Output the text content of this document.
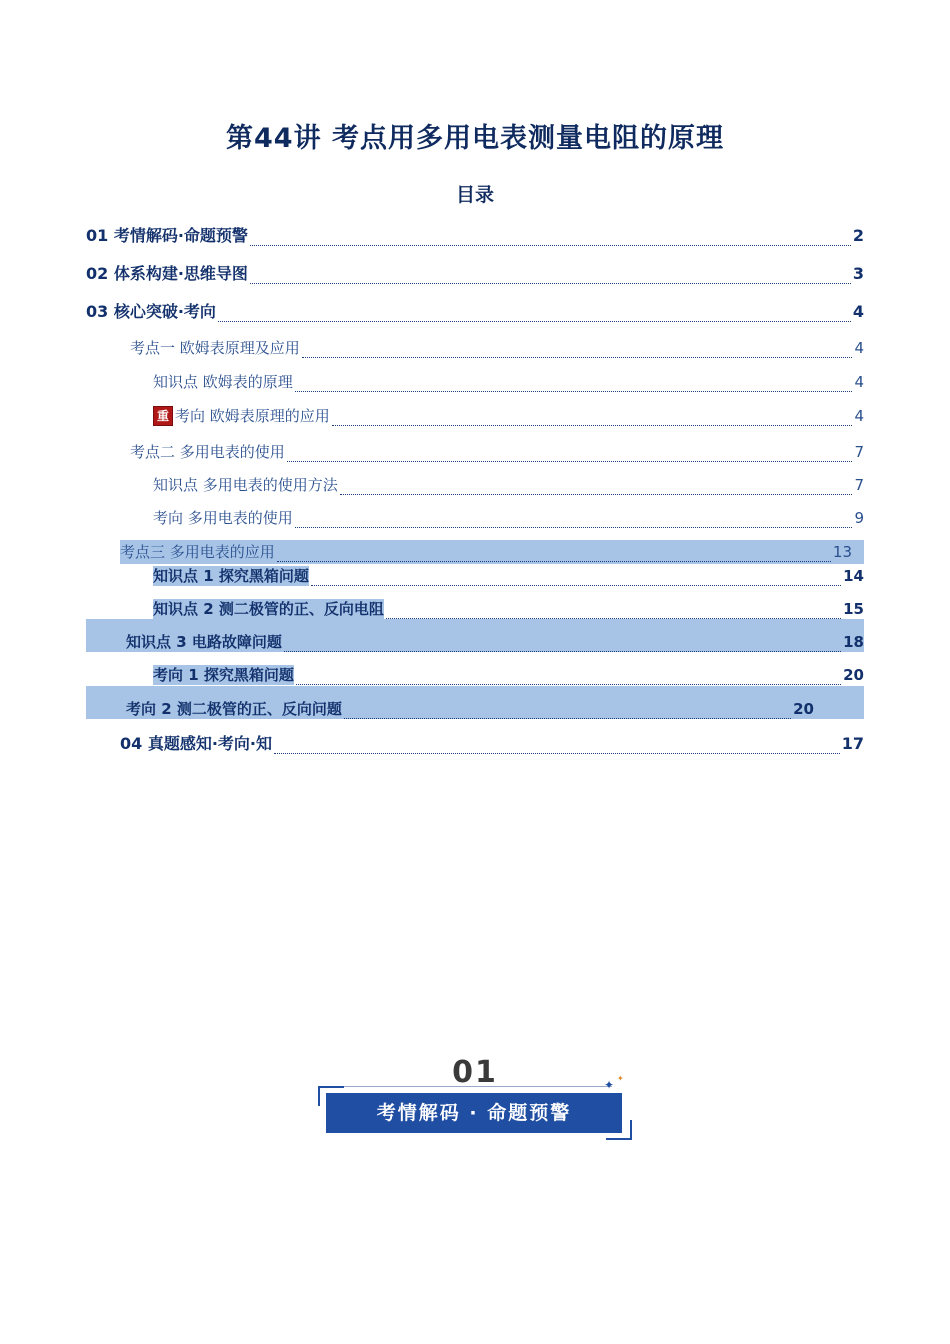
第44讲 考点用多用电表测量电阻的原理
目录
01 考情解码·命题预警	2
02 体系构建·思维导图	3
03 核心突破·考向	4
考点一 欧姆表原理及应用	4
知识点 欧姆表的原理	4
重 考向 欧姆表原理的应用	4
考点二 多用电表的使用	7
知识点 多用电表的使用方法	7
考向 多用电表的使用	9
考点三 多用电表的应用	13
知识点 1 探究黑箱问题	14
知识点 2 测二极管的正、反向电阻	15
知识点 3 电路故障问题	18
考向 1 探究黑箱问题	20
考向 2 测二极管的正、反向问题	20
04 真题感知·考向·知	17
01
考情解码 · 命题预警
✦ ✦
